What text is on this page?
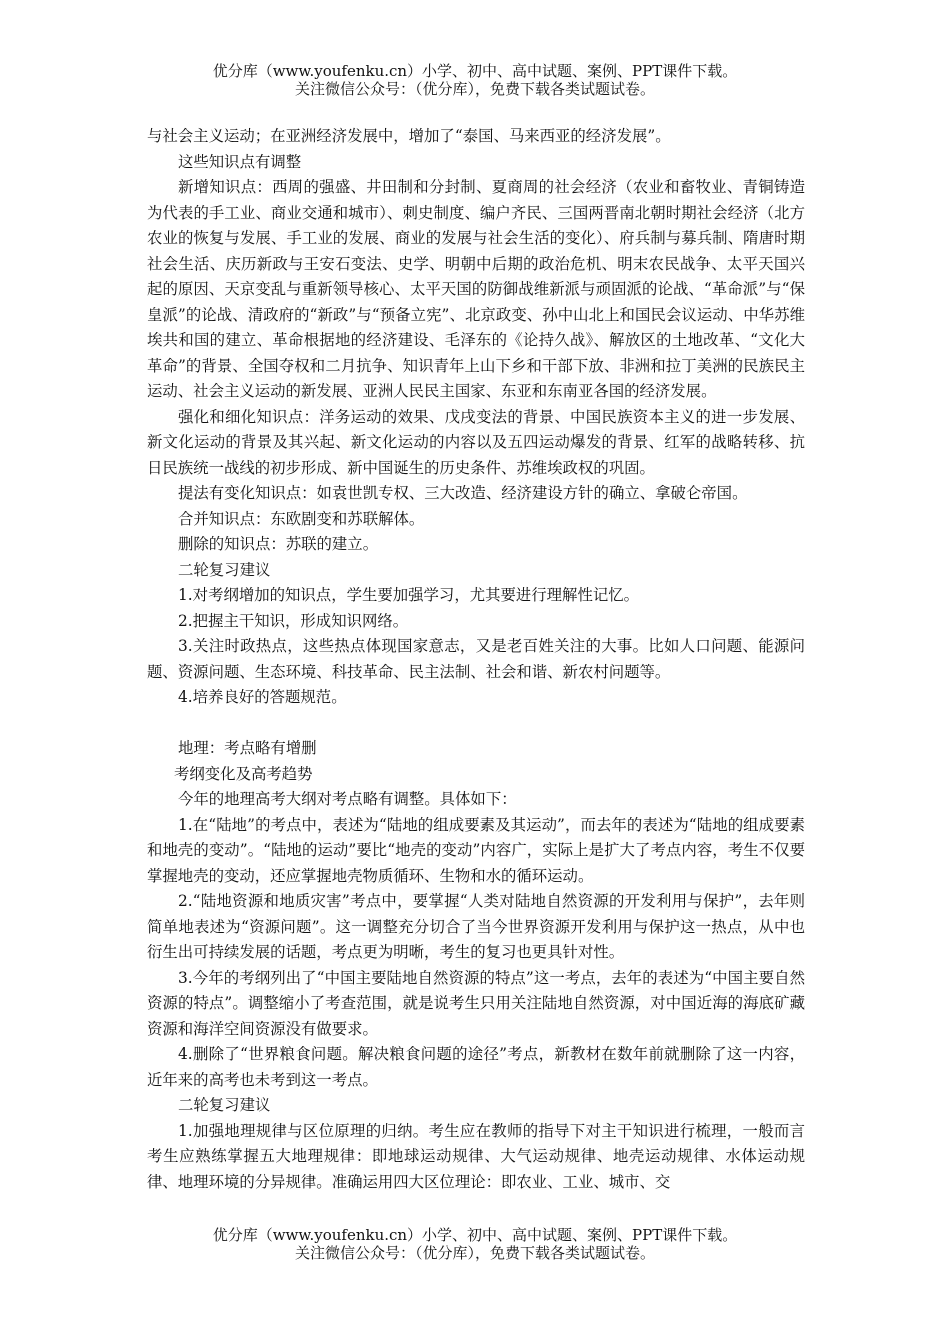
优分库（www.youfenku.cn）小学、初中、高中试题、案例、PPT课件下载。
关注微信公众号：（优分库），免费下载各类试题试卷。

与社会主义运动；在亚洲经济发展中，增加了“泰国、马来西亚的经济发展”。

这些知识点有调整

新增知识点：西周的强盛、井田制和分封制、夏商周的社会经济（农业和畜牧业、青铜铸造为代表的手工业、商业交通和城市）、刺史制度、编户齐民、三国两晋南北朝时期社会经济（北方农业的恢复与发展、手工业的发展、商业的发展与社会生活的变化）、府兵制与募兵制、隋唐时期社会生活、庆历新政与王安石变法、史学、明朝中后期的政治危机、明末农民战争、太平天国兴起的原因、天京变乱与重新领导核心、太平天国的防御战维新派与顽固派的论战、“革命派”与“保皇派”的论战、清政府的“新政”与“预备立宪”、北京政变、孙中山北上和国民会议运动、中华苏维埃共和国的建立、革命根据地的经济建设、毛泽东的《论持久战》、解放区的土地改革、“文化大革命”的背景、全国夺权和二月抗争、知识青年上山下乡和干部下放、非洲和拉丁美洲的民族民主运动、社会主义运动的新发展、亚洲人民民主国家、东亚和东南亚各国的经济发展。

强化和细化知识点：洋务运动的效果、戊戌变法的背景、中国民族资本主义的进一步发展、新文化运动的背景及其兴起、新文化运动的内容以及五四运动爆发的背景、红军的战略转移、抗日民族统一战线的初步形成、新中国诞生的历史条件、苏维埃政权的巩固。

提法有变化知识点：如袁世凯专权、三大改造、经济建设方针的确立、拿破仑帝国。

合并知识点：东欧剧变和苏联解体。

删除的知识点：苏联的建立。

二轮复习建议

1.对考纲增加的知识点，学生要加强学习，尤其要进行理解性记忆。

2.把握主干知识，形成知识网络。

3.关注时政热点，这些热点体现国家意志，又是老百姓关注的大事。比如人口问题、能源问题、资源问题、生态环境、科技革命、民主法制、社会和谐、新农村问题等。

4.培养良好的答题规范。

地理：考点略有增删

考纲变化及高考趋势

今年的地理高考大纲对考点略有调整。具体如下：

1.在“陆地”的考点中，表述为“陆地的组成要素及其运动”，而去年的表述为“陆地的组成要素和地壳的变动”。“陆地的运动”要比“地壳的变动”内容广，实际上是扩大了考点内容，考生不仅要掌握地壳的变动，还应掌握地壳物质循环、生物和水的循环运动。

2.“陆地资源和地质灾害”考点中，要掌握“人类对陆地自然资源的开发利用与保护”，去年则简单地表述为“资源问题”。这一调整充分切合了当今世界资源开发利用与保护这一热点，从中也衍生出可持续发展的话题，考点更为明晰，考生的复习也更具针对性。

3.今年的考纲列出了“中国主要陆地自然资源的特点”这一考点，去年的表述为“中国主要自然资源的特点”。调整缩小了考查范围，就是说考生只用关注陆地自然资源，对中国近海的海底矿藏资源和海洋空间资源没有做要求。

4.删除了“世界粮食问题。解决粮食问题的途径”考点，新教材在数年前就删除了这一内容，近年来的高考也未考到这一考点。

二轮复习建议

1.加强地理规律与区位原理的归纳。考生应在教师的指导下对主干知识进行梳理，一般而言考生应熟练掌握五大地理规律：即地球运动规律、大气运动规律、地壳运动规律、水体运动规律、地理环境的分异规律。准确运用四大区位理论：即农业、工业、城市、交

优分库（www.youfenku.cn）小学、初中、高中试题、案例、PPT课件下载。
关注微信公众号：（优分库），免费下载各类试题试卷。
